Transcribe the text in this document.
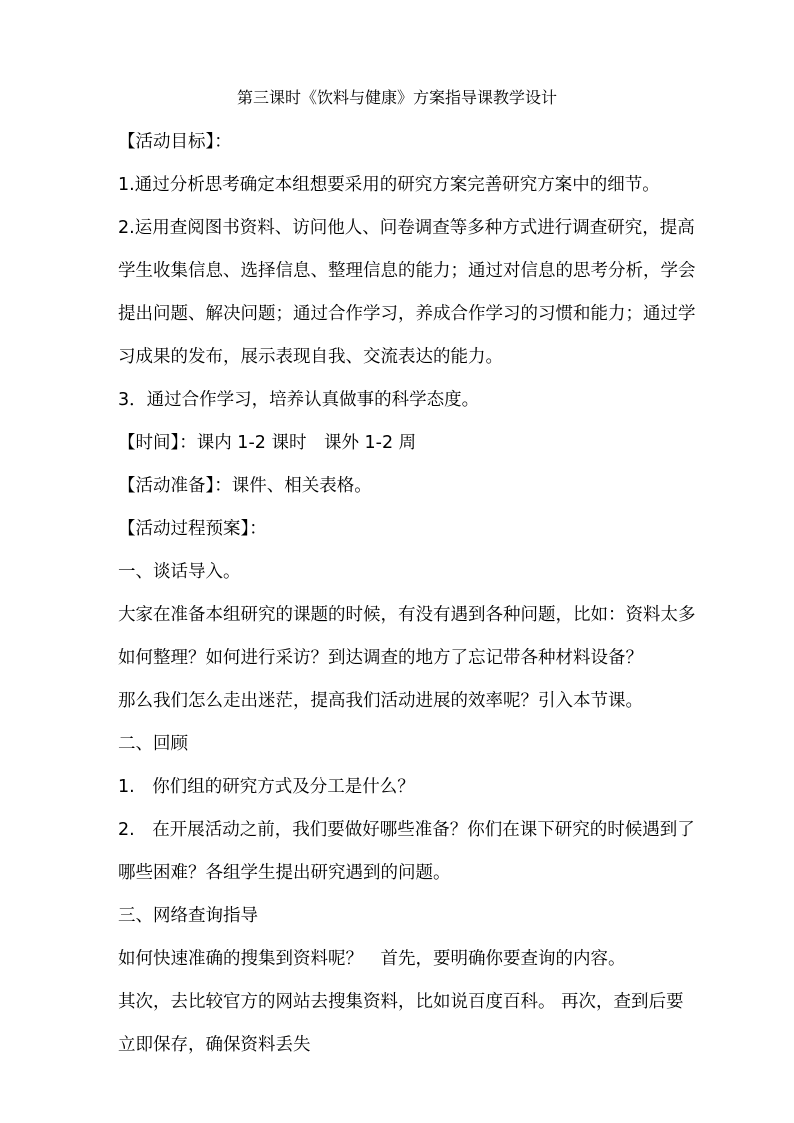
第三课时《饮料与健康》方案指导课教学设计
【活动目标】：
1.通过分析思考确定本组想要采用的研究方案完善研究方案中的细节。
2.运用查阅图书资料、访问他人、问卷调查等多种方式进行调查研究，提高
学生收集信息、选择信息、整理信息的能力；通过对信息的思考分析，学会
提出问题、解决问题；通过合作学习，养成合作学习的习惯和能力；通过学
习成果的发布，展示表现自我、交流表达的能力。
3．通过合作学习，培养认真做事的科学态度。
【时间】：课内 1-2 课时　课外 1-2 周
【活动准备】：课件、相关表格。
【活动过程预案】：
一、谈话导入。
大家在准备本组研究的课题的时候，有没有遇到各种问题，比如：资料太多
如何整理？如何进行采访？到达调查的地方了忘记带各种材料设备？
那么我们怎么走出迷茫，提高我们活动进展的效率呢？引入本节课。
二、回顾
1.　你们组的研究方式及分工是什么？
2.　在开展活动之前，我们要做好哪些准备？你们在课下研究的时候遇到了
哪些困难？各组学生提出研究遇到的问题。
三、网络查询指导
如何快速准确的搜集到资料呢？　首先，要明确你要查询的内容。
其次，去比较官方的网站去搜集资料，比如说百度百科。 再次，查到后要
立即保存，确保资料丢失
